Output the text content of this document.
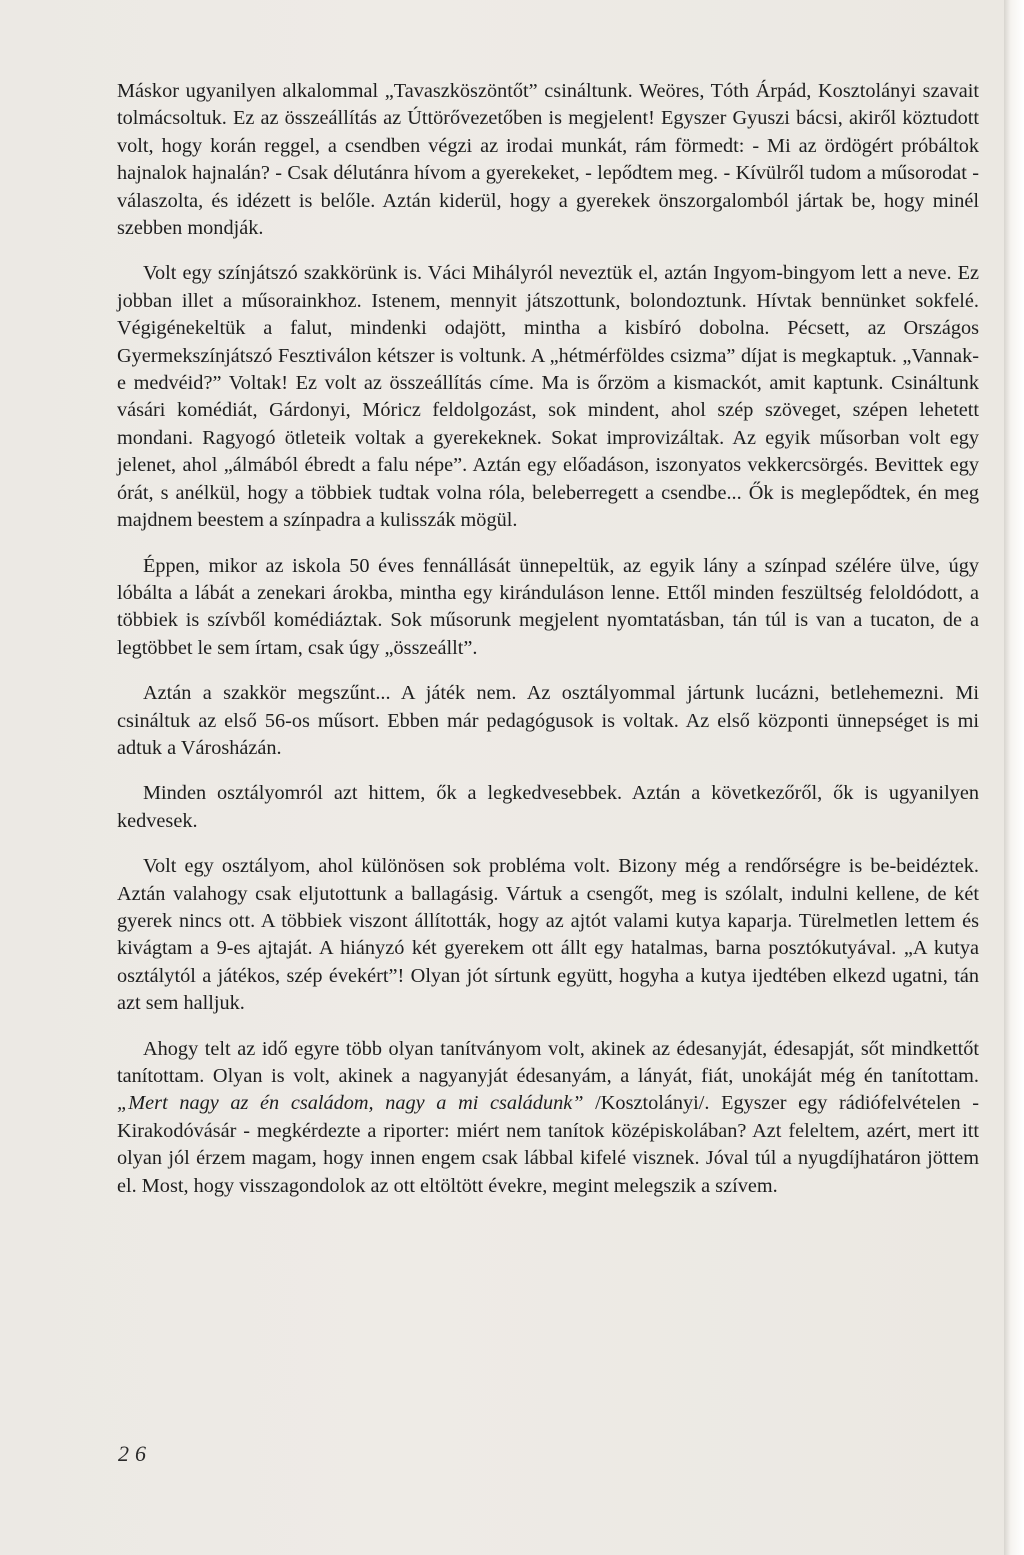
Máskor ugyanilyen alkalommal „Tavaszköszöntőt” csináltunk. Weöres, Tóth Árpád, Kosztolányi szavait tolmácsoltuk. Ez az összeállítás az Úttörővezetőben is megjelent! Egyszer Gyuszi bácsi, akiről köztudott volt, hogy korán reggel, a csendben végzi az irodai munkát, rám förmedt: - Mi az ördögért próbáltok hajnalok hajnalán? - Csak délutánra hívom a gyerekeket, - lepődtem meg. - Kívülről tudom a műsorodat - válaszolta, és idézett is belőle. Aztán kiderül, hogy a gyerekek önszorgalomból jártak be, hogy minél szebben mondják.

Volt egy színjátszó szakkörünk is. Váci Mihályról neveztük el, aztán Ingyom-bingyom lett a neve. Ez jobban illet a műsorainkhoz. Istenem, mennyit játszottunk, bolondoztunk. Hívtak bennünket sokfelé. Végigénekeltük a falut, mindenki odajött, mintha a kisbíró dobolna. Pécsett, az Országos Gyermekszínjátszó Fesztiválon kétszer is voltunk. A „hétmérföldes csizma” díjat is megkaptuk. „Vannak-e medvéid?” Voltak! Ez volt az összeállítás címe. Ma is őrzöm a kismackót, amit kaptunk. Csináltunk vásári komédiát, Gárdonyi, Móricz feldolgozást, sok mindent, ahol szép szöveget, szépen lehetett mondani. Ragyogó ötleteik voltak a gyerekeknek. Sokat improvizáltak. Az egyik műsorban volt egy jelenet, ahol „álmából ébredt a falu népe”. Aztán egy előadáson, iszonyatos vekkercsörgés. Bevittek egy órát, s anélkül, hogy a többiek tudtak volna róla, beleberregett a csendbe... Ők is meglepődtek, én meg majdnem beestem a színpadra a kulisszák mögül.

Éppen, mikor az iskola 50 éves fennállását ünnepeltük, az egyik lány a színpad szélére ülve, úgy lóbálta a lábát a zenekari árokba, mintha egy kiránduláson lenne. Ettől minden feszültség feloldódott, a többiek is szívből komédiáztak. Sok műsorunk megjelent nyomtatásban, tán túl is van a tucaton, de a legtöbbet le sem írtam, csak úgy „összeállt”.

Aztán a szakkör megszűnt... A játék nem. Az osztályommal jártunk lucázni, betlehemezni. Mi csináltuk az első 56-os műsort. Ebben már pedagógusok is voltak. Az első központi ünnepséget is mi adtuk a Városházán.

Minden osztályomról azt hittem, ők a legkedvesebbek. Aztán a következőről, ők is ugyanilyen kedvesek.

Volt egy osztályom, ahol különösen sok probléma volt. Bizony még a rendőrségre is be-beidéztek. Aztán valahogy csak eljutottunk a ballagásig. Vártuk a csengőt, meg is szólalt, indulni kellene, de két gyerek nincs ott. A többiek viszont állították, hogy az ajtót valami kutya kaparja. Türelmetlen lettem és kivágtam a 9-es ajtaját. A hiányzó két gyerekem ott állt egy hatalmas, barna posztókutyával. „A kutya osztálytól a játékos, szép évekért”! Olyan jót sírtunk együtt, hogyha a kutya ijedtében elkezd ugatni, tán azt sem halljuk.

Ahogy telt az idő egyre több olyan tanítványom volt, akinek az édesanyját, édesapját, sőt mindkettőt tanítottam. Olyan is volt, akinek a nagyanyját édesanyám, a lányát, fiát, unokáját még én tanítottam. „Mert nagy az én családom, nagy a mi családunk” /Kosztolányi/. Egyszer egy rádiófelvételen - Kirakodóvásár - megkérdezte a riporter: miért nem tanítok középiskolában? Azt feleltem, azért, mert itt olyan jól érzem magam, hogy innen engem csak lábbal kifelé visznek. Jóval túl a nyugdíjhatáron jöttem el. Most, hogy visszagondolok az ott eltöltött évekre, megint melegszik a szívem.

26
